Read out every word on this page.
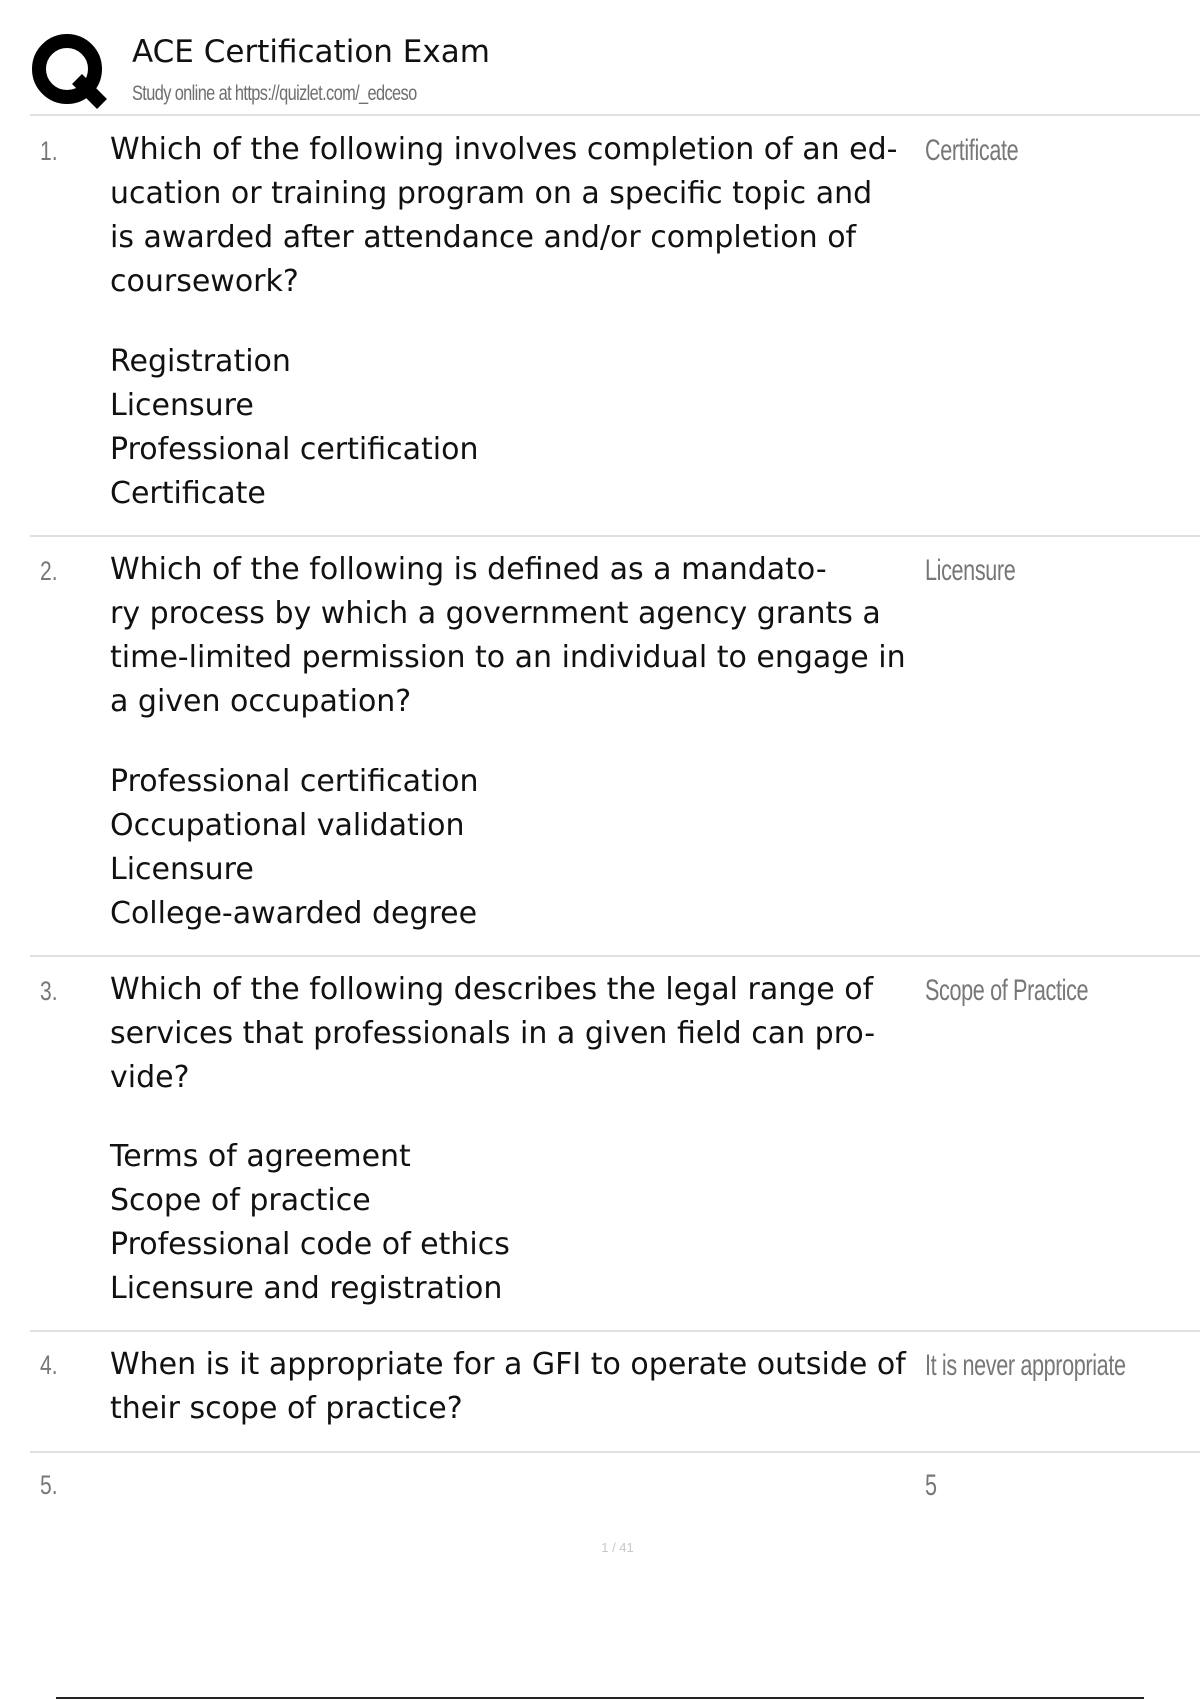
ACE Certification Exam
Study online at https://quizlet.com/_edceso
1. Which of the following involves completion of an ed-
ucation or training program on a specific topic and
is awarded after attendance and/or completion of
coursework?
Registration
Licensure
Professional certification
Certificate
Certificate
2. Which of the following is defined as a mandato-
ry process by which a government agency grants a
time-limited permission to an individual to engage in
a given occupation?
Professional certification
Occupational validation
Licensure
College-awarded degree
Licensure
3. Which of the following describes the legal range of
services that professionals in a given field can pro-
vide?
Terms of agreement
Scope of practice
Professional code of ethics
Licensure and registration
Scope of Practice
4. When is it appropriate for a GFI to operate outside of
their scope of practice?
It is never appropriate
5.	5
1 / 41
